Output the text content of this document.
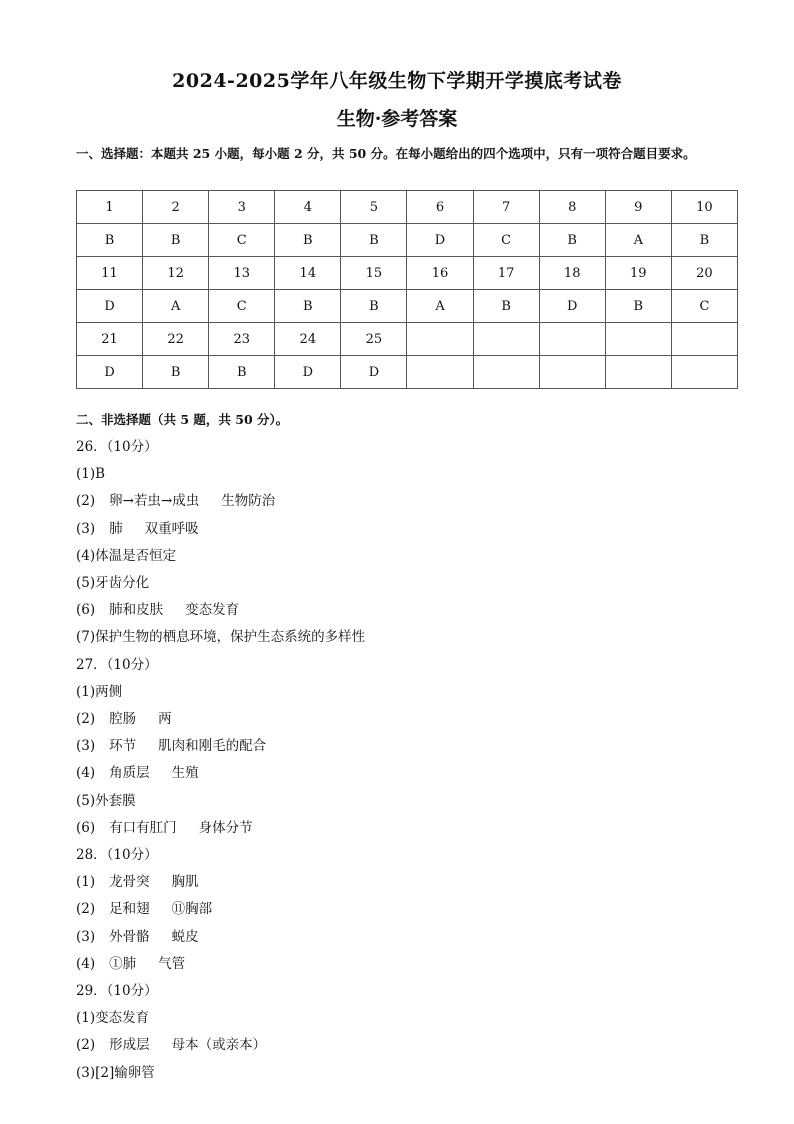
2024-2025学年八年级生物下学期开学摸底考试卷
生物·参考答案
一、选择题：本题共 25 小题，每小题 2 分，共 50 分。在每小题给出的四个选项中，只有一项符合题目要求。
1	2	3	4	5	6	7	8	9	10
B	B	C	B	B	D	C	B	A	B
11	12	13	14	15	16	17	18	19	20
D	A	C	B	B	A	B	D	B	C
21	22	23	24	25					
D	B	B	D	D					
二、非选择题（共 5 题，共 50 分）。
26．（10分）
(1)B
(2) 卵→若虫→成虫 生物防治
(3) 肺 双重呼吸
(4)体温是否恒定
(5)牙齿分化
(6) 肺和皮肤 变态发育
(7)保护生物的栖息环境，保护生态系统的多样性
27．（10分）
(1)两侧
(2) 腔肠 两
(3) 环节 肌肉和刚毛的配合
(4) 角质层 生殖
(5)外套膜
(6) 有口有肛门 身体分节
28．（10分）
(1) 龙骨突 胸肌
(2) 足和翅 ⑪胸部
(3) 外骨骼 蜕皮
(4) ①肺 气管
29．（10分）
(1)变态发育
(2) 形成层 母本（或亲本）
(3)[2]输卵管
